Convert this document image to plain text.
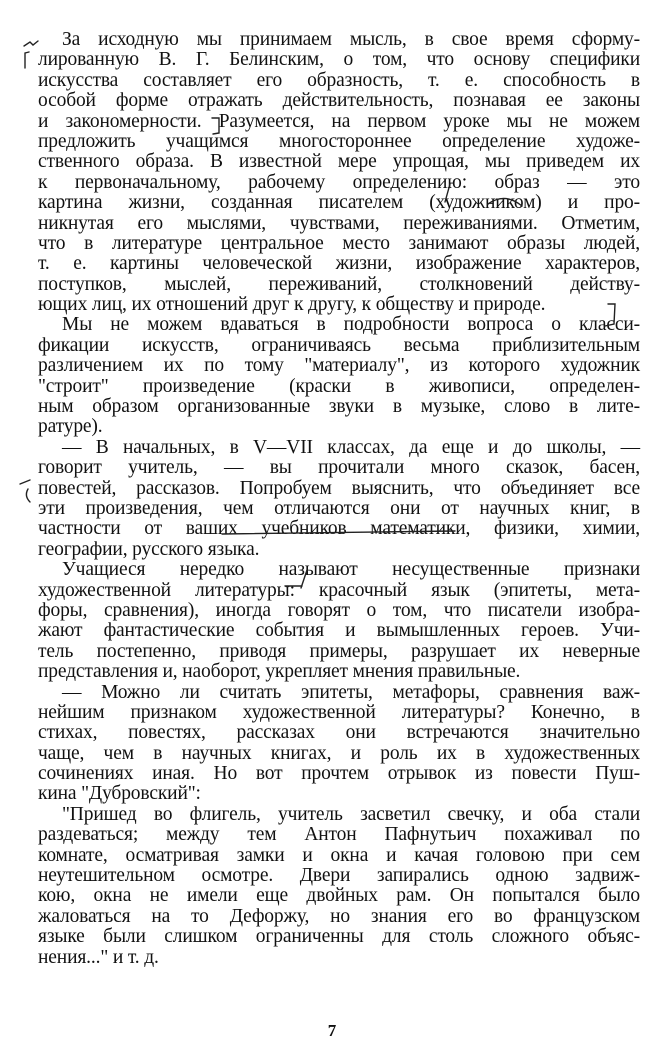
За исходную мы принимаем мысль, в свое время сформу-
лированную В. Г. Белинским, о том, что основу специфики
искусства составляет его образность, т. е. способность в
особой форме отражать действительность, познавая ее законы
и закономерности. Разумеется, на первом уроке мы не можем
предложить учащимся многостороннее определение художе-
ственного образа. В известной мере упрощая, мы приведем их
к первоначальному, рабочему определению: образ — это
картина жизни, созданная писателем (художником) и про-
никнутая его мыслями, чувствами, переживаниями. Отметим,
что в литературе центральное место занимают образы людей,
т. е. картины человеческой жизни, изображение характеров,
поступков, мыслей, переживаний, столкновений действу-
ющих лиц, их отношений друг к другу, к обществу и природе.
Мы не можем вдаваться в подробности вопроса о класси-
фикации искусств, ограничиваясь весьма приблизительным
различением их по тому "материалу", из которого художник
"строит" произведение (краски в живописи, определен-
ным образом организованные звуки в музыке, слово в лите-
ратуре).
— В начальных, в V—VII классах, да еще и до школы, —
говорит учитель, — вы прочитали много сказок, басен,
повестей, рассказов. Попробуем выяснить, что объединяет все
эти произведения, чем отличаются они от научных книг, в
частности от ваших учебников математики, физики, химии,
географии, русского языка.
Учащиеся нередко называют несущественные признаки
художественной литературы: красочный язык (эпитеты, мета-
форы, сравнения), иногда говорят о том, что писатели изобра-
жают фантастические события и вымышленных героев. Учи-
тель постепенно, приводя примеры, разрушает их неверные
представления и, наоборот, укрепляет мнения правильные.
— Можно ли считать эпитеты, метафоры, сравнения важ-
нейшим признаком художественной литературы? Конечно, в
стихах, повестях, рассказах они встречаются значительно
чаще, чем в научных книгах, и роль их в художественных
сочинениях иная. Но вот прочтем отрывок из повести Пуш-
кина "Дубровский":
"Пришед во флигель, учитель засветил свечку, и оба стали
раздеваться; между тем Антон Пафнутьич похаживал по
комнате, осматривая замки и окна и качая головою при сем
неутешительном осмотре. Двери запирались одною задвиж-
кою, окна не имели еще двойных рам. Он попытался было
жаловаться на то Дефоржу, но знания его во французском
языке были слишком ограниченны для столь сложного объяс-
нения..." и т. д.
7
